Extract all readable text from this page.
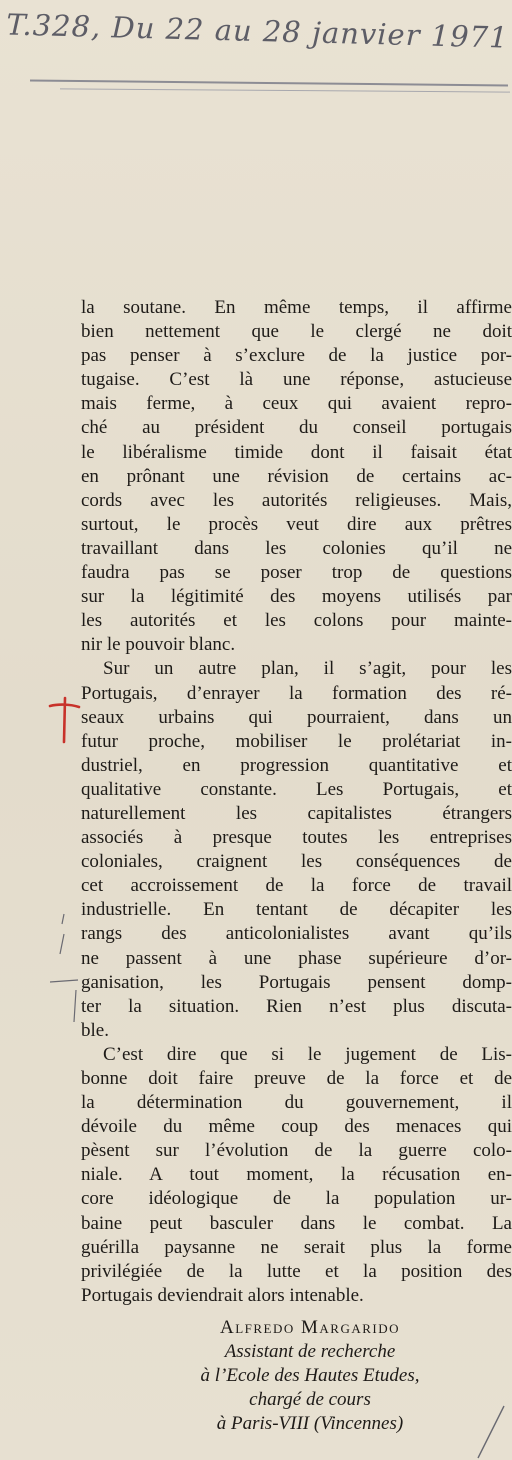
T.328, Du 22 au 28 janvier 1971
la soutane. En même temps, il affirme
bien nettement que le clergé ne doit
pas penser à s’exclure de la justice por-
tugaise. C’est là une réponse, astucieuse
mais ferme, à ceux qui avaient repro-
ché au président du conseil portugais
le libéralisme timide dont il faisait état
en prônant une révision de certains ac-
cords avec les autorités religieuses. Mais,
surtout, le procès veut dire aux prêtres
travaillant dans les colonies qu’il ne
faudra pas se poser trop de questions
sur la légitimité des moyens utilisés par
les autorités et les colons pour mainte-
nir le pouvoir blanc.
Sur un autre plan, il s’agit, pour les
Portugais, d’enrayer la formation des ré-
seaux urbains qui pourraient, dans un
futur proche, mobiliser le prolétariat in-
dustriel, en progression quantitative et
qualitative constante. Les Portugais, et
naturellement les capitalistes étrangers
associés à presque toutes les entreprises
coloniales, craignent les conséquences de
cet accroissement de la force de travail
industrielle. En tentant de décapiter les
rangs des anticolonialistes avant qu’ils
ne passent à une phase supérieure d’or-
ganisation, les Portugais pensent domp-
ter la situation. Rien n’est plus discuta-
ble.
C’est dire que si le jugement de Lis-
bonne doit faire preuve de la force et de
la détermination du gouvernement, il
dévoile du même coup des menaces qui
pèsent sur l’évolution de la guerre colo-
niale. A tout moment, la récusation en-
core idéologique de la population ur-
baine peut basculer dans le combat. La
guérilla paysanne ne serait plus la forme
privilégiée de la lutte et la position des
Portugais deviendrait alors intenable.
Alfredo Margarido
Assistant de recherche
à l’Ecole des Hautes Etudes,
chargé de cours
à Paris-VIII (Vincennes)
